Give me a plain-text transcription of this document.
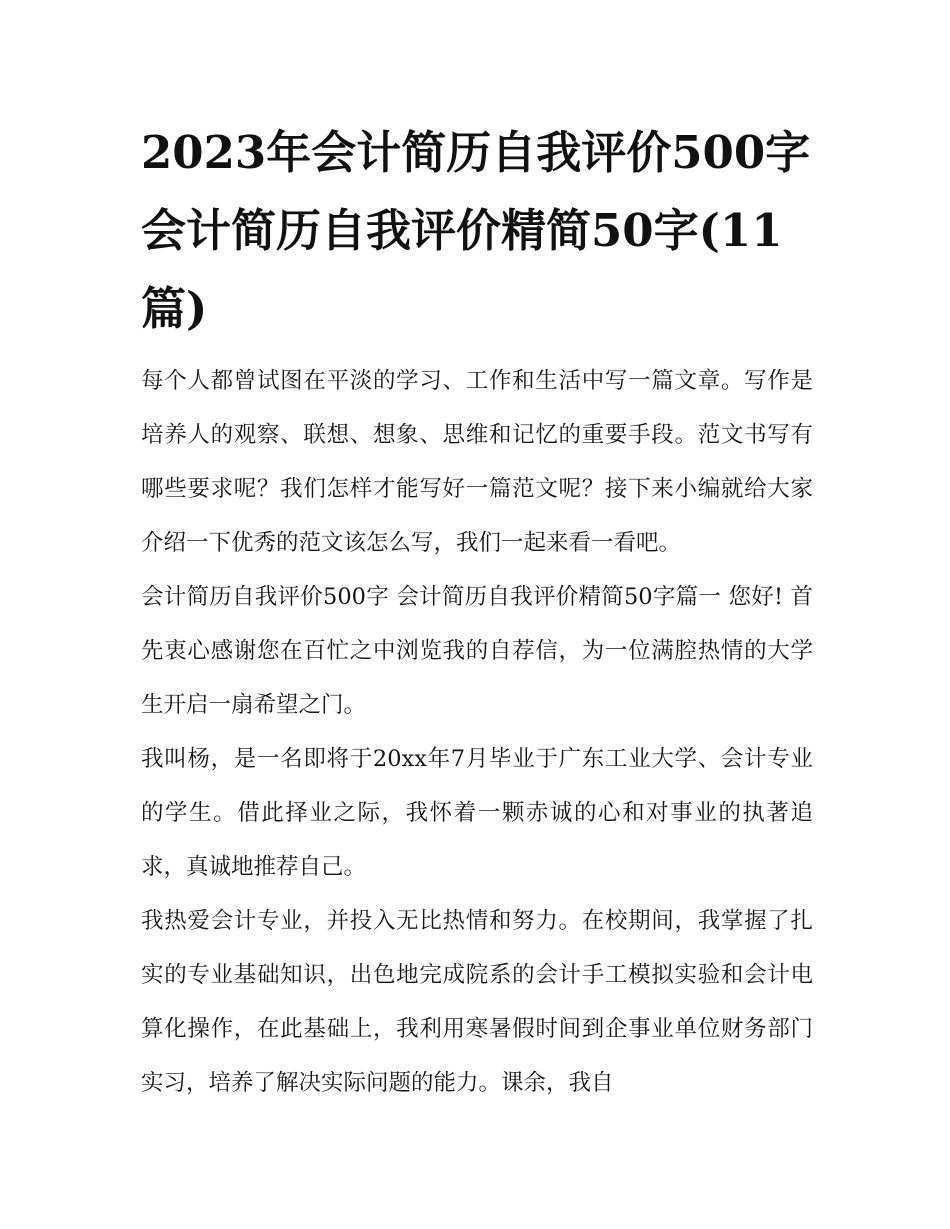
2023年会计简历自我评价500字 会计简历自我评价精简50字(11篇)

每个人都曾试图在平淡的学习、工作和生活中写一篇文章。写作是培养人的观察、联想、想象、思维和记忆的重要手段。范文书写有哪些要求呢？我们怎样才能写好一篇范文呢？接下来小编就给大家介绍一下优秀的范文该怎么写，我们一起来看一看吧。

会计简历自我评价500字 会计简历自我评价精简50字篇一 您好! 首先衷心感谢您在百忙之中浏览我的自荐信，为一位满腔热情的大学生开启一扇希望之门。

我叫杨，是一名即将于20xx年7月毕业于广东工业大学、会计专业的学生。借此择业之际，我怀着一颗赤诚的心和对事业的执著追求，真诚地推荐自己。

我热爱会计专业，并投入无比热情和努力。在校期间，我掌握了扎实的专业基础知识，出色地完成院系的会计手工模拟实验和会计电算化操作，在此基础上，我利用寒暑假时间到企事业单位财务部门实习，培养了解决实际问题的能力。课余，我自
